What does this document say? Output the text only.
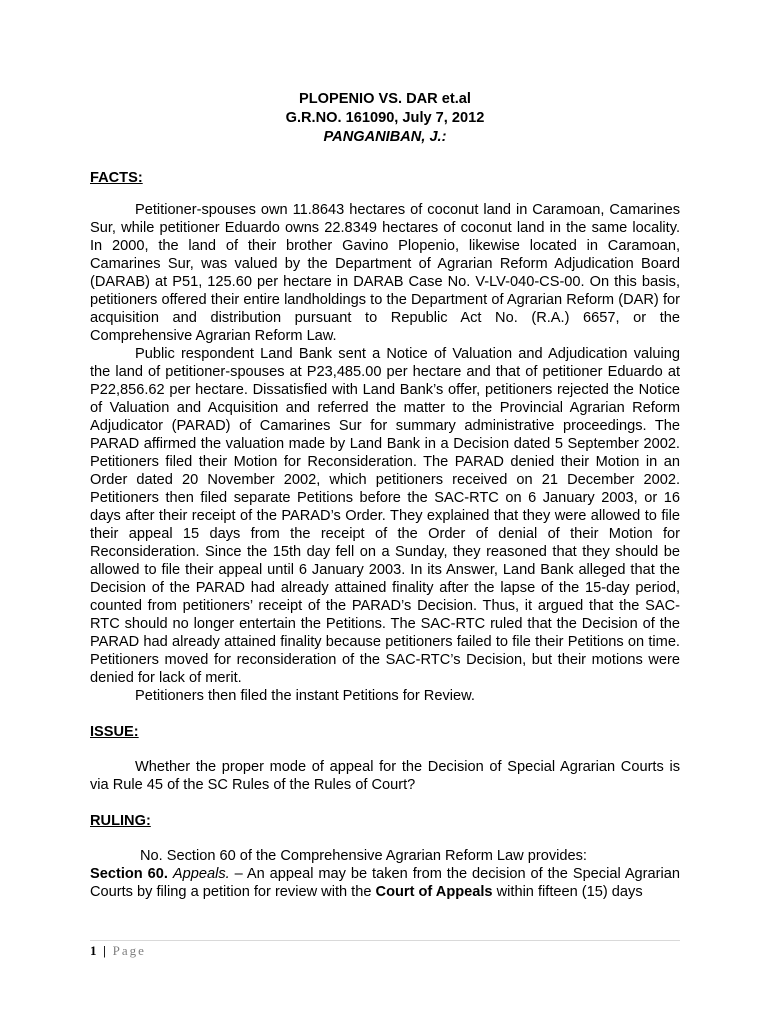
PLOPENIO VS. DAR et.al
G.R.NO. 161090, July 7, 2012
PANGANIBAN, J.:
FACTS:
Petitioner-spouses own 11.8643 hectares of coconut land in Caramoan, Camarines Sur, while petitioner Eduardo owns 22.8349 hectares of coconut land in the same locality. In 2000, the land of their brother Gavino Plopenio, likewise located in Caramoan, Camarines Sur, was valued by the Department of Agrarian Reform Adjudication Board (DARAB) at P51, 125.60 per hectare in DARAB Case No. V-LV-040-CS-00. On this basis, petitioners offered their entire landholdings to the Department of Agrarian Reform (DAR) for acquisition and distribution pursuant to Republic Act No. (R.A.) 6657, or the Comprehensive Agrarian Reform Law.
Public respondent Land Bank sent a Notice of Valuation and Adjudication valuing the land of petitioner-spouses at P23,485.00 per hectare and that of petitioner Eduardo at P22,856.62 per hectare. Dissatisfied with Land Bank’s offer, petitioners rejected the Notice of Valuation and Acquisition and referred the matter to the Provincial Agrarian Reform Adjudicator (PARAD) of Camarines Sur for summary administrative proceedings. The PARAD affirmed the valuation made by Land Bank in a Decision dated 5 September 2002. Petitioners filed their Motion for Reconsideration. The PARAD denied their Motion in an Order dated 20 November 2002, which petitioners received on 21 December 2002. Petitioners then filed separate Petitions before the SAC-RTC on 6 January 2003, or 16 days after their receipt of the PARAD’s Order. They explained that they were allowed to file their appeal 15 days from the receipt of the Order of denial of their Motion for Reconsideration. Since the 15th day fell on a Sunday, they reasoned that they should be allowed to file their appeal until 6 January 2003. In its Answer, Land Bank alleged that the Decision of the PARAD had already attained finality after the lapse of the 15-day period, counted from petitioners’ receipt of the PARAD’s Decision. Thus, it argued that the SAC-RTC should no longer entertain the Petitions. The SAC-RTC ruled that the Decision of the PARAD had already attained finality because petitioners failed to file their Petitions on time. Petitioners moved for reconsideration of the SAC-RTC’s Decision, but their motions were denied for lack of merit.
Petitioners then filed the instant Petitions for Review.
ISSUE:
Whether the proper mode of appeal for the Decision of Special Agrarian Courts is via Rule 45 of the SC Rules of the Rules of Court?
RULING:
No. Section 60 of the Comprehensive Agrarian Reform Law provides:
Section 60. Appeals. – An appeal may be taken from the decision of the Special Agrarian Courts by filing a petition for review with the Court of Appeals within fifteen (15) days
1 | Page
